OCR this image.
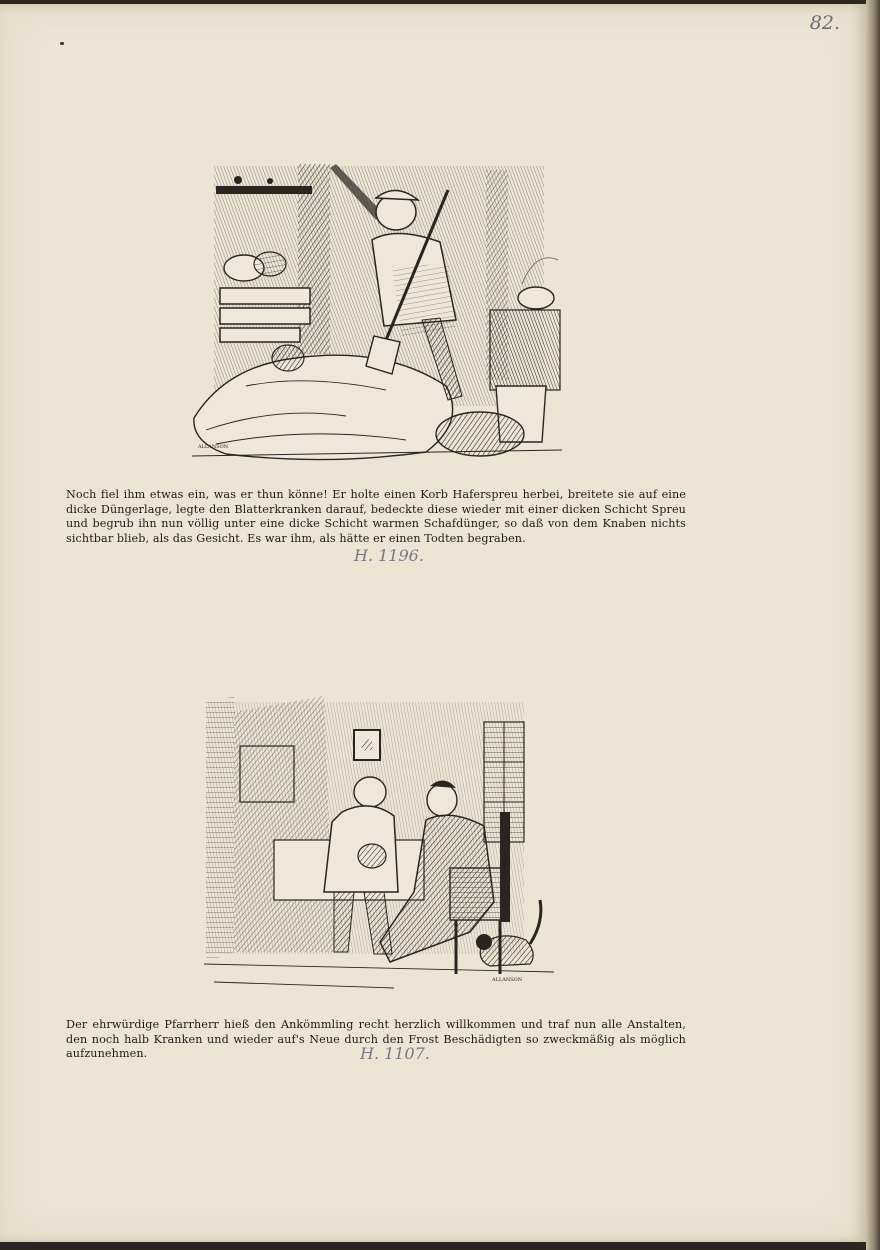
82.
ALLANSON

Noch fiel ihm etwas ein, was er thun könne! Er holte einen Korb Haferspreu herbei, breitete sie auf eine dicke Düngerlage, legte den Blatterkranken darauf, bedeckte diese wieder mit einer dicken Schicht Spreu und begrub ihn nun völlig unter eine dicke Schicht warmen Schafdünger, so daß von dem Knaben nichts sichtbar blieb, als das Gesicht. Es war ihm, als hätte er einen Todten begraben.

H. 1196.

Der ehrwürdige Pfarrherr hieß den Ankömmling recht herzlich willkommen und traf nun alle Anstalten, den noch halb Kranken und wieder auf's Neue durch den Frost Beschädigten so zweckmäßig als möglich aufzunehmen.	H. 1107.
ALLANSON
